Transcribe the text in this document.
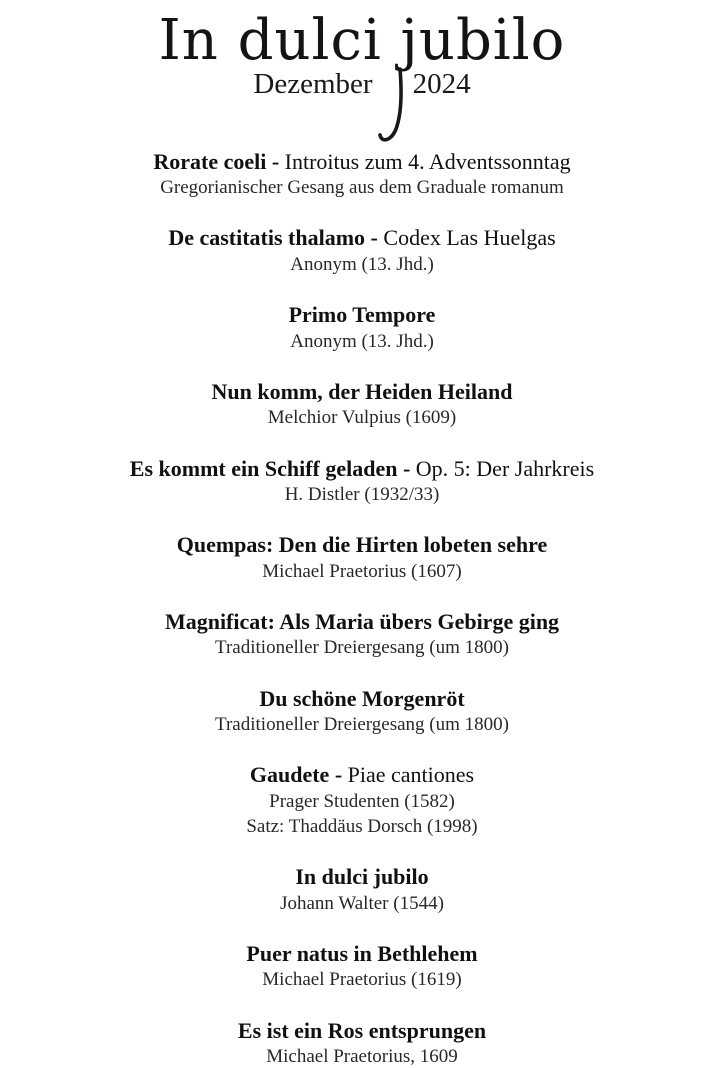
In dulci jubilo
Dezember 2024
Rorate coeli - Introitus zum 4. Adventssonntag
Gregorianischer Gesang aus dem Graduale romanum
De castitatis thalamo - Codex Las Huelgas
Anonym (13. Jhd.)
Primo Tempore
Anonym (13. Jhd.)
Nun komm, der Heiden Heiland
Melchior Vulpius (1609)
Es kommt ein Schiff geladen - Op. 5: Der Jahrkreis
H. Distler (1932/33)
Quempas: Den die Hirten lobeten sehre
Michael Praetorius (1607)
Magnificat: Als Maria übers Gebirge ging
Traditioneller Dreiergesang (um 1800)
Du schöne Morgenröt
Traditioneller Dreiergesang (um 1800)
Gaudete - Piae cantiones
Prager Studenten (1582)
Satz: Thaddäus Dorsch (1998)
In dulci jubilo
Johann Walter (1544)
Puer natus in Bethlehem
Michael Praetorius (1619)
Es ist ein Ros entsprungen
Michael Praetorius, 1609
